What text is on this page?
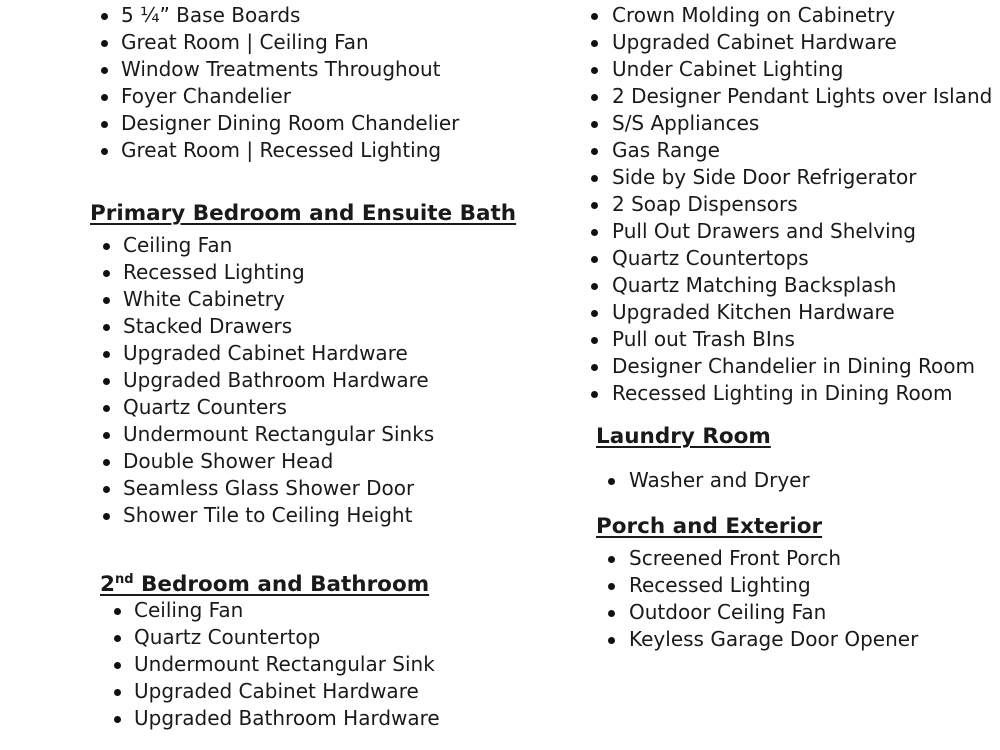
5 ¼” Base Boards
Great Room | Ceiling Fan
Window Treatments Throughout
Foyer Chandelier
Designer Dining Room Chandelier
Great Room | Recessed Lighting
Primary Bedroom and Ensuite Bath
Ceiling Fan
Recessed Lighting
White Cabinetry
Stacked Drawers
Upgraded Cabinet Hardware
Upgraded Bathroom Hardware
Quartz Counters
Undermount Rectangular Sinks
Double Shower Head
Seamless Glass Shower Door
Shower Tile to Ceiling Height
2nd Bedroom and Bathroom
Ceiling Fan
Quartz Countertop
Undermount Rectangular Sink
Upgraded Cabinet Hardware
Upgraded Bathroom Hardware
Crown Molding on Cabinetry
Upgraded Cabinet Hardware
Under Cabinet Lighting
2 Designer Pendant Lights over Island
S/S Appliances
Gas Range
Side by Side Door Refrigerator
2 Soap Dispensors
Pull Out Drawers and Shelving
Quartz Countertops
Quartz Matching Backsplash
Upgraded Kitchen Hardware
Pull out Trash BIns
Designer Chandelier in Dining Room
Recessed Lighting in Dining Room
Laundry Room
Washer and Dryer
Porch and Exterior
Screened Front Porch
Recessed Lighting
Outdoor Ceiling Fan
Keyless Garage Door Opener
